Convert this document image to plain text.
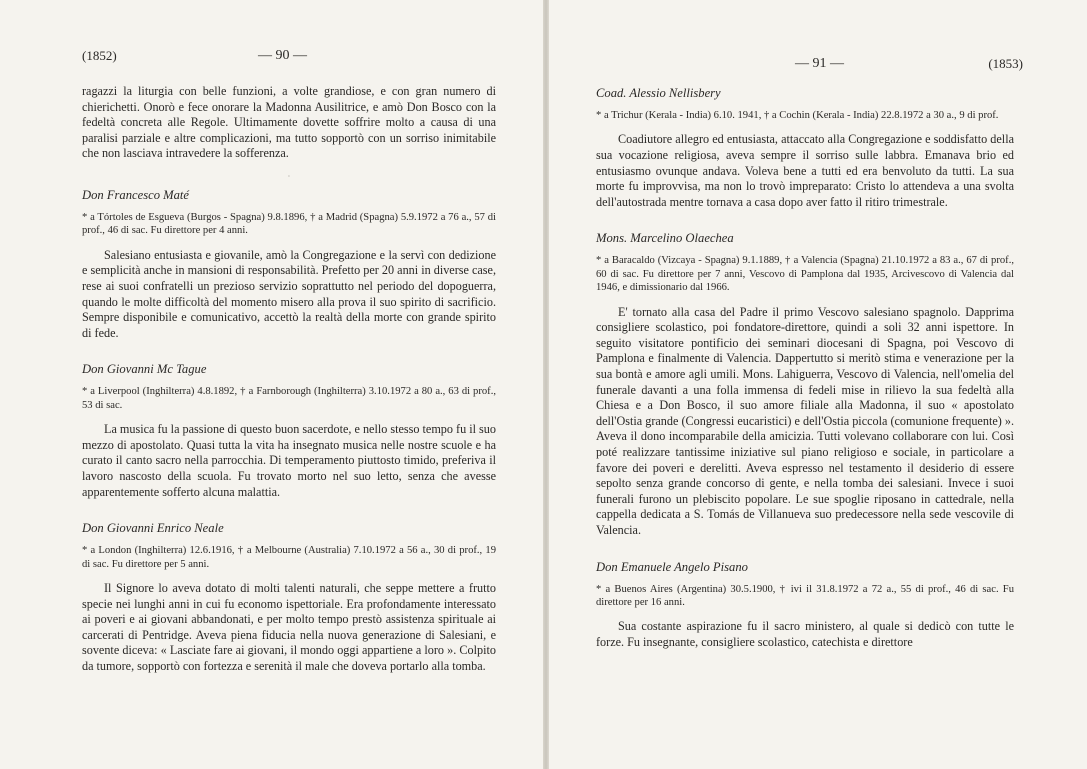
(1852)	— 90 —

ragazzi la liturgia con belle funzioni, a volte grandiose, e con gran numero di chierichetti. Onorò e fece onorare la Madonna Ausilitrice, e amò Don Bosco con la fedeltà concreta alle Regole. Ultimamente dovette soffrire molto a causa di una paralisi parziale e altre complicazioni, ma tutto sopportò con un sorriso inimitabile che non lasciava intravedere la sofferenza.

·

Don Francesco Maté

* a Tórtoles de Esgueva (Burgos - Spagna) 9.8.1896, † a Madrid (Spagna) 5.9.1972 a 76 a., 57 di prof., 46 di sac. Fu direttore per 4 anni.

Salesiano entusiasta e giovanile, amò la Congregazione e la servì con dedizione e semplicità anche in mansioni di responsabilità. Prefetto per 20 anni in diverse case, rese ai suoi confratelli un prezioso servizio soprattutto nel periodo del dopoguerra, quando le molte difficoltà del momento misero alla prova il suo spirito di sacrificio. Sempre disponibile e comunicativo, accettò la realtà della morte con grande spirito di fede.

Don Giovanni Mc Tague

* a Liverpool (Inghilterra) 4.8.1892, † a Farnborough (Inghilterra) 3.10.1972 a 80 a., 63 di prof., 53 di sac.

La musica fu la passione di questo buon sacerdote, e nello stesso tempo fu il suo mezzo di apostolato. Quasi tutta la vita ha insegnato musica nelle nostre scuole e ha curato il canto sacro nella parrocchia. Di temperamento piuttosto timido, preferiva il lavoro nascosto della scuola. Fu trovato morto nel suo letto, senza che avesse apparentemente sofferto alcuna malattia.

Don Giovanni Enrico Neale

* a London (Inghilterra) 12.6.1916, † a Melbourne (Australia) 7.10.1972 a 56 a., 30 di prof., 19 di sac. Fu direttore per 5 anni.

Il Signore lo aveva dotato di molti talenti naturali, che seppe mettere a frutto specie nei lunghi anni in cui fu economo ispettoriale. Era profondamente interessato ai poveri e ai giovani abbandonati, e per molto tempo prestò assistenza spirituale ai carcerati di Pentridge. Aveva piena fiducia nella nuova generazione di Salesiani, e sovente diceva: « Lasciate fare ai giovani, il mondo oggi appartiene a loro ». Colpito da tumore, sopportò con fortezza e serenità il male che doveva portarlo alla tomba.

— 91 —	(1853)

Coad. Alessio Nellisbery

* a Trichur (Kerala - India) 6.10. 1941, † a Cochin (Kerala - India) 22.8.1972 a 30 a., 9 di prof.

Coadiutore allegro ed entusiasta, attaccato alla Congregazione e soddisfatto della sua vocazione religiosa, aveva sempre il sorriso sulle labbra. Emanava brio ed entusiasmo ovunque andava. Voleva bene a tutti ed era benvoluto da tutti. La sua morte fu improvvisa, ma non lo trovò impreparato: Cristo lo attendeva a una svolta dell'autostrada mentre tornava a casa dopo aver fatto il ritiro trimestrale.

Mons. Marcelino Olaechea

* a Baracaldo (Vizcaya - Spagna) 9.1.1889, † a Valencia (Spagna) 21.10.1972 a 83 a., 67 di prof., 60 di sac. Fu direttore per 7 anni, Vescovo di Pamplona dal 1935, Arcivescovo di Valencia dal 1946, e dimissionario dal 1966.

E' tornato alla casa del Padre il primo Vescovo salesiano spagnolo. Dapprima consigliere scolastico, poi fondatore-direttore, quindi a soli 32 anni ispettore. In seguito visitatore pontificio dei seminari diocesani di Spagna, poi Vescovo di Pamplona e finalmente di Valencia. Dappertutto si meritò stima e venerazione per la sua bontà e amore agli umili. Mons. Lahiguerra, Vescovo di Valencia, nell'omelia del funerale davanti a una folla immensa di fedeli mise in rilievo la sua fedeltà alla Chiesa e a Don Bosco, il suo amore filiale alla Madonna, il suo « apostolato dell'Ostia grande (Congressi eucaristici) e dell'Ostia piccola (comunione frequente) ». Aveva il dono incomparabile della amicizia. Tutti volevano collaborare con lui. Così poté realizzare tantissime iniziative sul piano religioso e sociale, in particolare a favore dei poveri e derelitti. Aveva espresso nel testamento il desiderio di essere sepolto senza grande concorso di gente, e nella tomba dei salesiani. Invece i suoi funerali furono un plebiscito popolare. Le sue spoglie riposano in cattedrale, nella cappella dedicata a S. Tomás de Villanueva suo predecessore nella sede vescovile di Valencia.

Don Emanuele Angelo Pisano

* a Buenos Aires (Argentina) 30.5.1900, † ivi il 31.8.1972 a 72 a., 55 di prof., 46 di sac. Fu direttore per 16 anni.

Sua costante aspirazione fu il sacro ministero, al quale si dedicò con tutte le forze. Fu insegnante, consigliere scolastico, catechista e direttore
